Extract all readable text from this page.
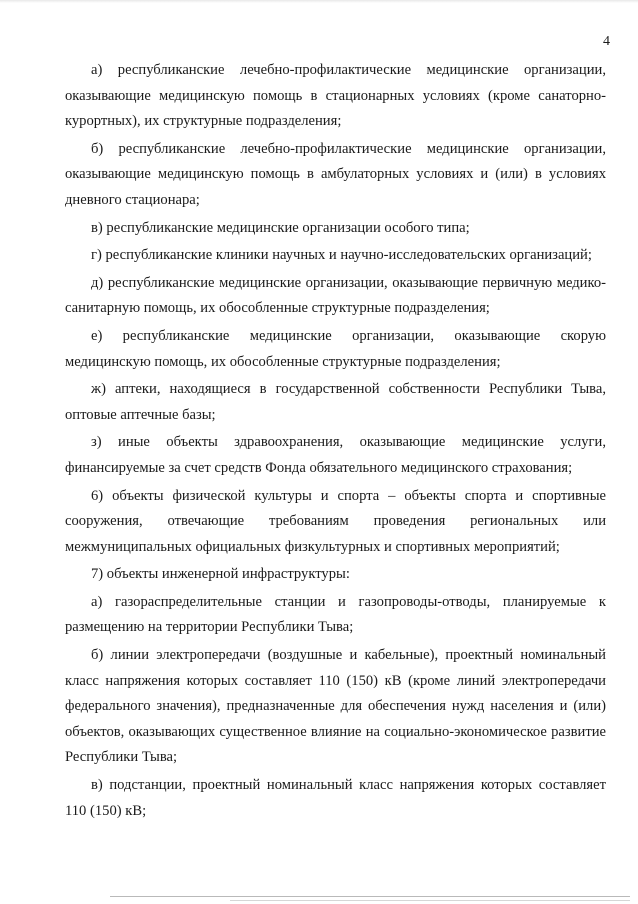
4

а) республиканские лечебно-профилактические медицинские организации, оказывающие медицинскую помощь в стационарных условиях (кроме санаторно-курортных), их структурные подразделения;

б) республиканские лечебно-профилактические медицинские организации, оказывающие медицинскую помощь в амбулаторных условиях и (или) в условиях дневного стационара;

в) республиканские медицинские организации особого типа;

г) республиканские клиники научных и научно-исследовательских организаций;

д) республиканские медицинские организации, оказывающие первичную медико-санитарную помощь, их обособленные структурные подразделения;

е) республиканские медицинские организации, оказывающие скорую медицинскую помощь, их обособленные структурные подразделения;

ж) аптеки, находящиеся в государственной собственности Республики Тыва, оптовые аптечные базы;

з) иные объекты здравоохранения, оказывающие медицинские услуги, финансируемые за счет средств Фонда обязательного медицинского страхования;

6) объекты физической культуры и спорта – объекты спорта и спортивные сооружения, отвечающие требованиям проведения региональных или межмуниципальных официальных физкультурных и спортивных мероприятий;

7) объекты инженерной инфраструктуры:

а) газораспределительные станции и газопроводы-отводы, планируемые к размещению на территории Республики Тыва;

б) линии электропередачи (воздушные и кабельные), проектный номинальный класс напряжения которых составляет 110 (150) кВ (кроме линий электропередачи федерального значения), предназначенные для обеспечения нужд населения и (или) объектов, оказывающих существенное влияние на социально-экономическое развитие Республики Тыва;

в) подстанции, проектный номинальный класс напряжения которых составляет 110 (150) кВ;
